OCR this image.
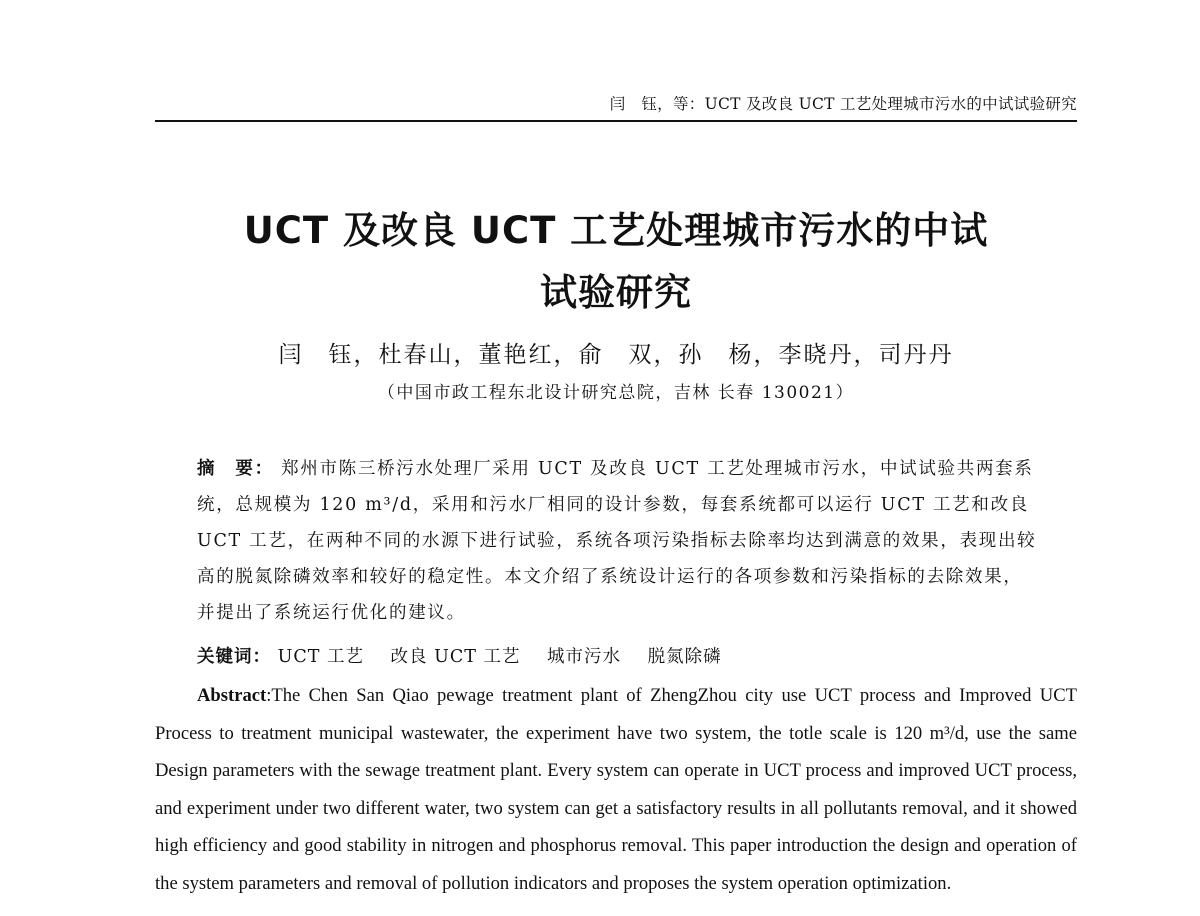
闫　钰，等：UCT 及改良 UCT 工艺处理城市污水的中试试验研究
UCT 及改良 UCT 工艺处理城市污水的中试
试验研究
闫　钰，杜春山，董艳红，俞　双，孙　杨，李晓丹，司丹丹
（中国市政工程东北设计研究总院，吉林 长春 130021）
摘　要： 郑州市陈三桥污水处理厂采用 UCT 及改良 UCT 工艺处理城市污水，中试试验共两套系统，总规模为 120 m³/d，采用和污水厂相同的设计参数，每套系统都可以运行 UCT 工艺和改良 UCT 工艺，在两种不同的水源下进行试验，系统各项污染指标去除率均达到满意的效果，表现出较高的脱氮除磷效率和较好的稳定性。本文介绍了系统设计运行的各项参数和污染指标的去除效果，并提出了系统运行优化的建议。
关键词： UCT 工艺 改良 UCT 工艺 城市污水 脱氮除磷
Abstract:The Chen San Qiao pewage treatment plant of ZhengZhou city use UCT process and Improved UCT Process to treatment municipal wastewater, the experiment have two system, the totle scale is 120 m³/d, use the same Design parameters with the sewage treatment plant. Every system can operate in UCT process and improved UCT process, and experiment under two different water, two system can get a satisfactory results in all pollutants removal, and it showed high efficiency and good stability in nitrogen and phosphorus removal. This paper introduction the design and operation of the system parameters and removal of pollution indicators and proposes the system operation optimization.
